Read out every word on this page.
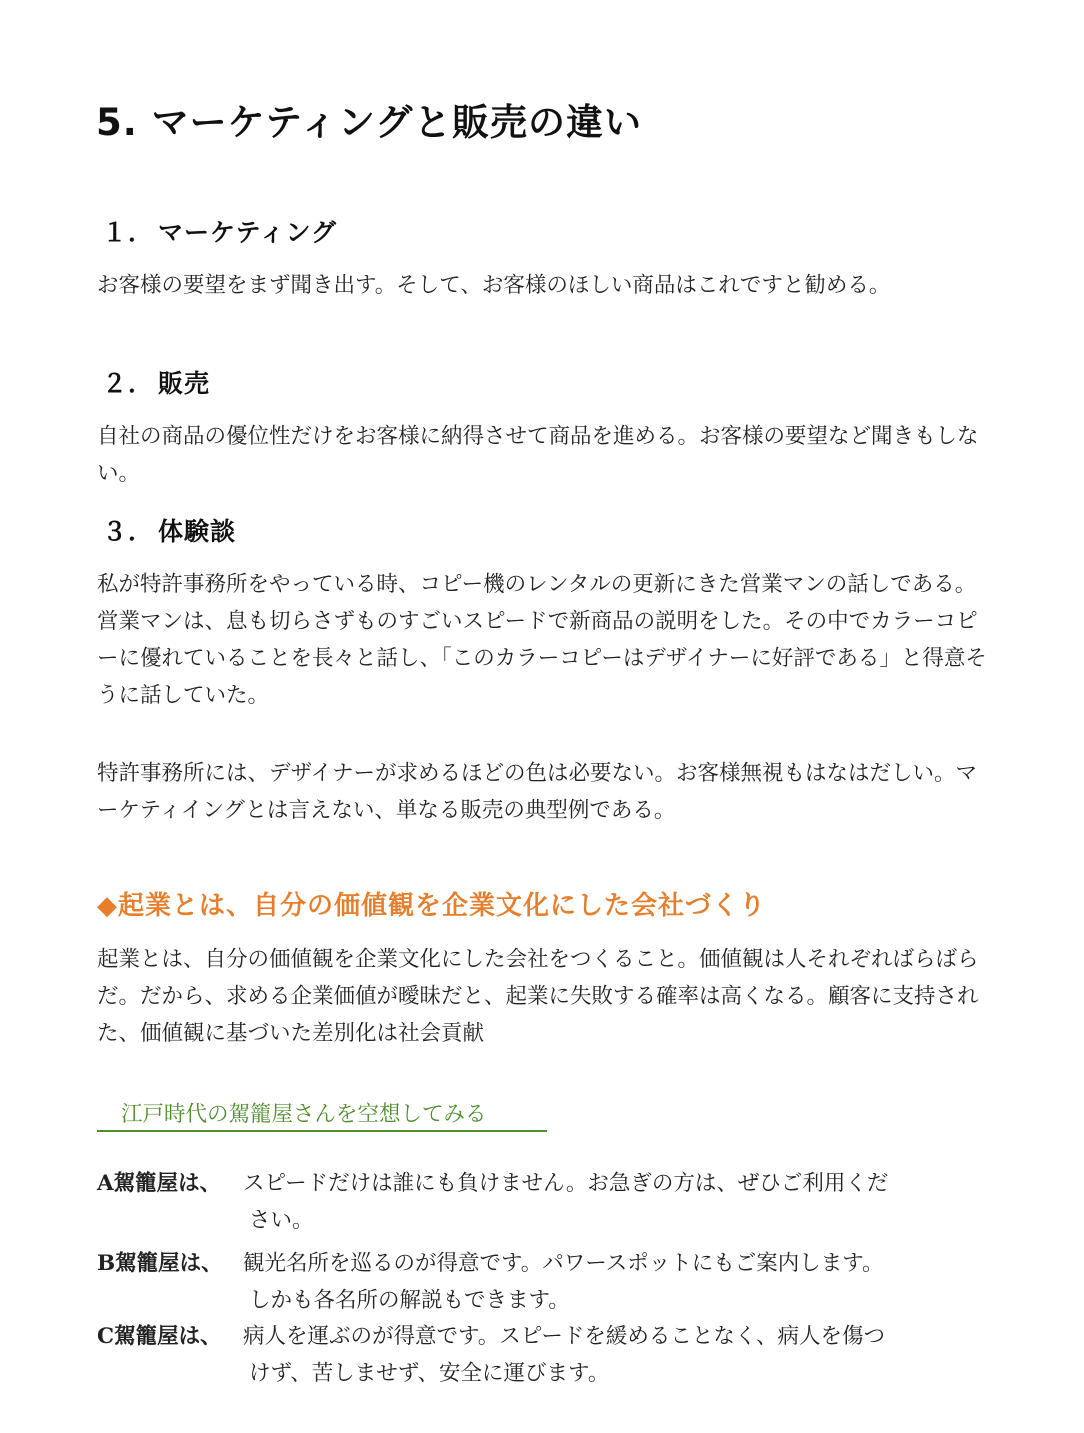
5. マーケティングと販売の違い
１． マーケティング

お客様の要望をまず聞き出す。そして、お客様のほしい商品はこれですと勧める。

２． 販売

自社の商品の優位性だけをお客様に納得させて商品を進める。お客様の要望など聞きもしない。

３． 体験談

私が特許事務所をやっている時、コピー機のレンタルの更新にきた営業マンの話しである。営業マンは、息も切らさずものすごいスピードで新商品の説明をした。その中でカラーコピーに優れていることを長々と話し、「このカラーコピーはデザイナーに好評である」と得意そうに話していた。

特許事務所には、デザイナーが求めるほどの色は必要ない。お客様無視もはなはだしい。マーケティイングとは言えない、単なる販売の典型例である。

◆起業とは、自分の価値観を企業文化にした会社づくり

起業とは、自分の価値観を企業文化にした会社をつくること。価値観は人それぞればらばらだ。だから、求める企業価値が曖昧だと、起業に失敗する確率は高くなる。顧客に支持された、価値観に基づいた差別化は社会貢献

江戸時代の駕籠屋さんを空想してみる
A駕籠屋は、 スピードだけは誰にも負けません。お急ぎの方は、ぜひご利用くだ
さい。
B駕籠屋は、 観光名所を巡るのが得意です。パワースポットにもご案内します。
しかも各名所の解説もできます。
C駕籠屋は、 病人を運ぶのが得意です。スピードを緩めることなく、病人を傷つ
けず、苦しませず、安全に運びます。
